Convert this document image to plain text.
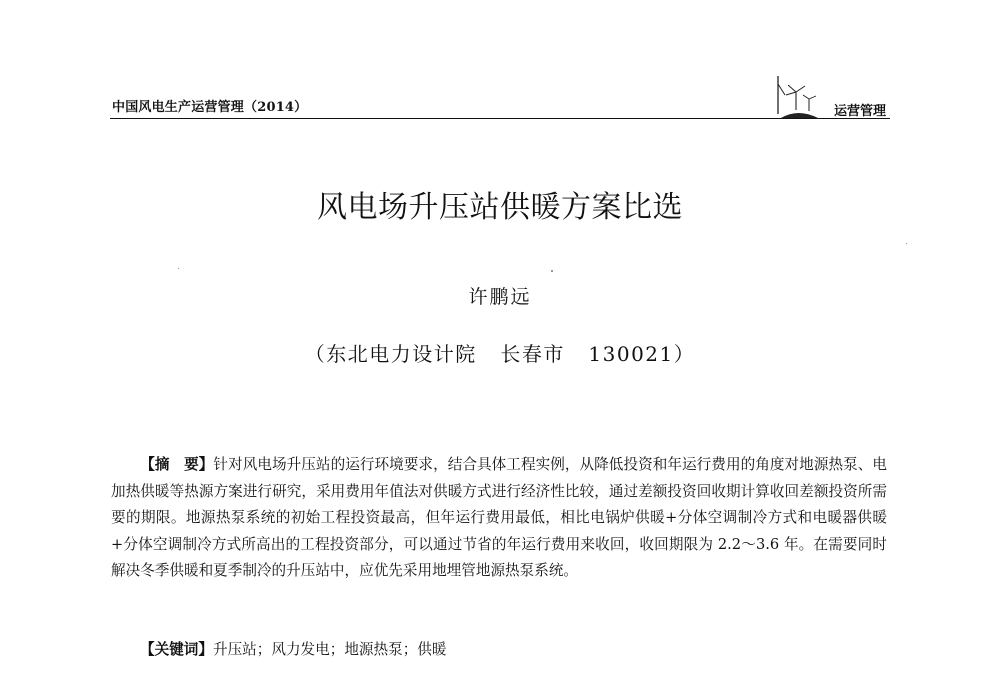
中国风电生产运营管理（2014）	运营管理
风电场升压站供暖方案比选
许鹏远
（东北电力设计院   长春市   130021）

【摘　要】针对风电场升压站的运行环境要求，结合具体工程实例，从降低投资和年运行费用的角度对地源热泵、电加热供暖等热源方案进行研究，采用费用年值法对供暖方式进行经济性比较，通过差额投资回收期计算收回差额投资所需要的期限。地源热泵系统的初始工程投资最高，但年运行费用最低，相比电锅炉供暖+分体空调制冷方式和电暖器供暖+分体空调制冷方式所高出的工程投资部分，可以通过节省的年运行费用来收回，收回期限为 2.2～3.6 年。在需要同时解决冬季供暖和夏季制冷的升压站中，应优先采用地埋管地源热泵系统。

【关键词】升压站；风力发电；地源热泵；供暖
